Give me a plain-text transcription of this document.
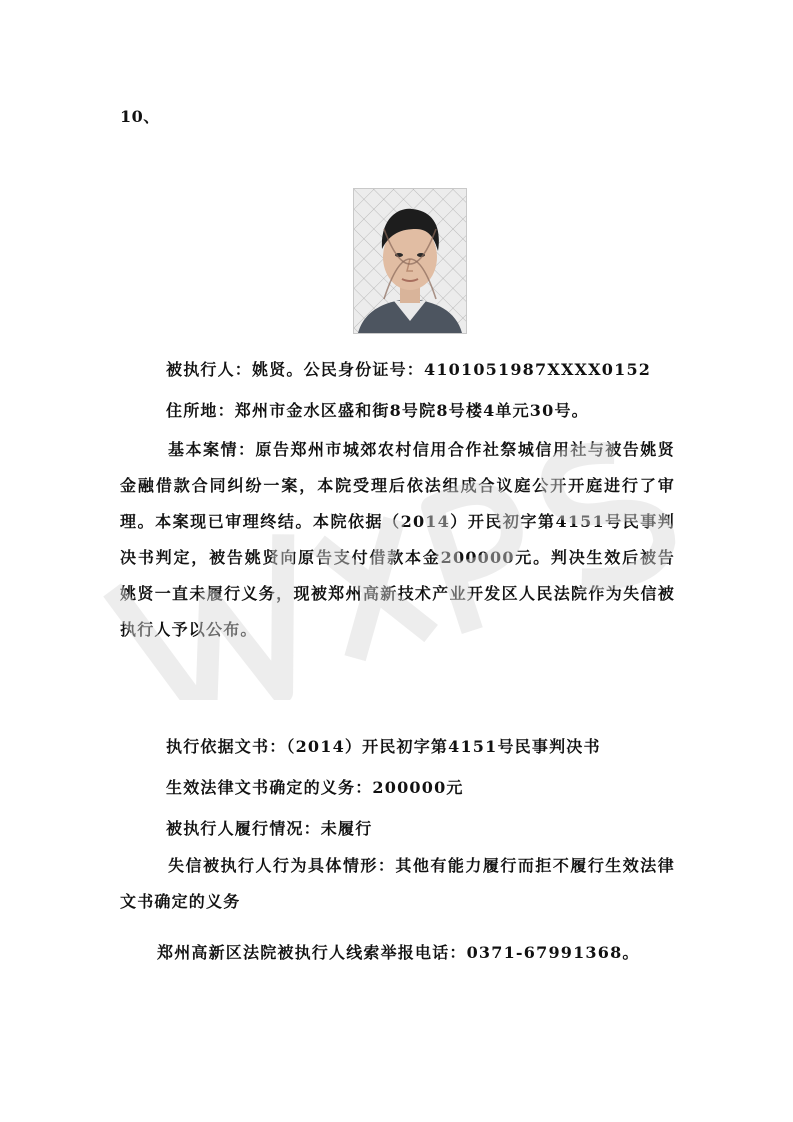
10、
被执行人：姚贤。公民身份证号：4101051987XXXX0152
住所地：郑州市金水区盛和街8号院8号楼4单元30号。
基本案情：原告郑州市城郊农村信用合作社祭城信用社与被告姚贤金融借款合同纠纷一案，本院受理后依法组成合议庭公开开庭进行了审理。本案现已审理终结。本院依据（2014）开民初字第4151号民事判决书判定，被告姚贤向原告支付借款本金200000元。判决生效后被告姚贤一直未履行义务，现被郑州高新技术产业开发区人民法院作为失信被执行人予以公布。
执行依据文书：（2014）开民初字第4151号民事判决书
生效法律文书确定的义务：200000元
被执行人履行情况：未履行
失信被执行人行为具体情形：其他有能力履行而拒不履行生效法律文书确定的义务
郑州高新区法院被执行人线索举报电话：0371-67991368。
WXPS
